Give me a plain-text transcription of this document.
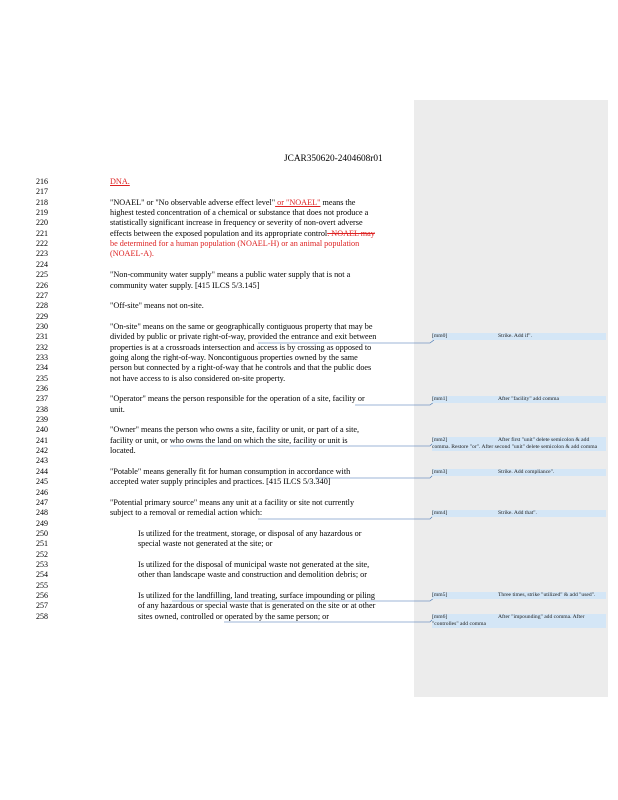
JCAR350620-2404608r01
216	DNA.
217
218	"NOAEL" or "No observable adverse effect level" or "NOAEL" means the
219	highest tested concentration of a chemical or substance that does not produce a
220	statistically significant increase in frequency or severity of non-overt adverse
221	effects between the exposed population and its appropriate control. NOAEL may
222	be determined for a human population (NOAEL-H) or an animal population
223	(NOAEL-A).
224
225	"Non-community water supply" means a public water supply that is not a
226	community water supply. [415 ILCS 5/3.145]
227
228	"Off-site" means not on-site.
229
230	"On-site" means on the same or geographically contiguous property that may be
231	divided by public or private right-of-way, provided the entrance and exit between
232	properties is at a crossroads intersection and access is by crossing as opposed to
233	going along the right-of-way. Noncontiguous properties owned by the same
234	person but connected by a right-of-way that he controls and that the public does
235	not have access to is also considered on-site property.
236
237	"Operator" means the person responsible for the operation of a site, facility or
238	unit.
239
240	"Owner" means the person who owns a site, facility or unit, or part of a site,
241	facility or unit, or who owns the land on which the site, facility or unit is
242	located.
243
244	"Potable" means generally fit for human consumption in accordance with
245	accepted water supply principles and practices. [415 ILCS 5/3.340]
246
247	"Potential primary source" means any unit at a facility or site not currently
248	subject to a removal or remedial action which:
249
250	Is utilized for the treatment, storage, or disposal of any hazardous or
251	special waste not generated at the site; or
252
253	Is utilized for the disposal of municipal waste not generated at the site,
254	other than landscape waste and construction and demolition debris; or
255
256	Is utilized for the landfilling, land treating, surface impounding or piling
257	of any hazardous or special waste that is generated on the site or at other
258	sites owned, controlled or operated by the same person; or
[mm0]	Strike. Add if".
[mm1]	After "facility" add comma
[mm2]	After first "unit" delete semicolon & add comma. Restore "or". After second "unit" delete semicolon & add comma
[mm3]	Strike. Add compliance".
[mm4]	Strike. Add that".
[mm5]	Three times, strike "utilized" & add "used".
[mm6]	After "impounding" add comma. After "controlles" add comma
